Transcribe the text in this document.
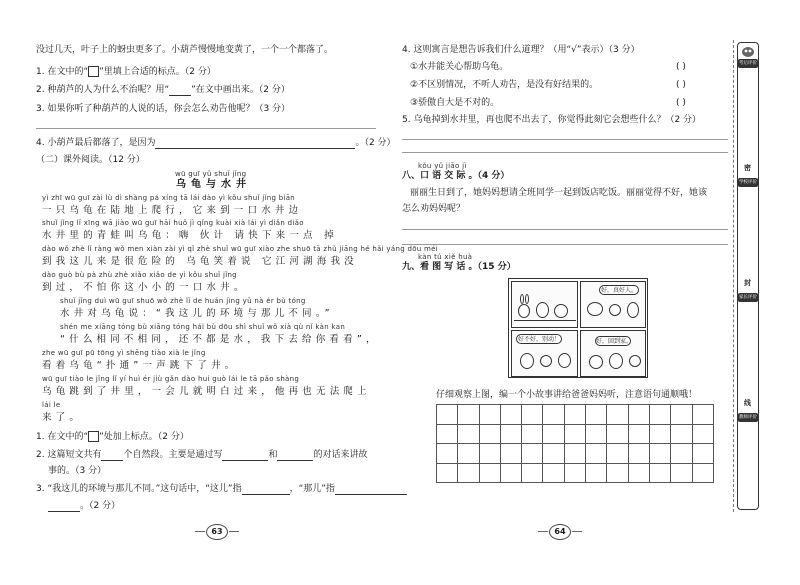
没过几天，叶子上的蚜虫更多了。小葫芦慢慢地变黄了，一个一个都落了。
1. 在文中的“ ”里填上合适的标点。（2 分）
2. 种葫芦的人为什么不治呢？用“ ”在文中画出来。（2 分）
3. 如果你听了种葫芦的人说的话，你会怎么劝告他呢？（3 分）
4. 小葫芦最后都落了，是因为	。（2 分）
（二）课外阅读。（12 分）
wū guī yǔ shuǐ jǐng
乌龟与水井
yì zhī wū guī zài lù dì shàng pá xíng tā lái dào yì kǒu shuǐ jǐng biān
一只乌龟在陆地上爬行，它来到一口水井边
shuǐ jǐng lǐ xīng wā jiào wū guī hāi huǒ jì qǐng kuài xià lái yì diǎn diǎo
水井里的青蛙叫乌龟：嗨 伙计 请快下来一点 掉
dào wǒ zhè lǐ ràng wǒ men xiàn zài yì qǐ zhè shuǐ wū guī xiào zhe shuō tā zhǔ jiāng hé hǎi yáng dōu méi
到我这儿来是很危险的 乌龟笑着说 它江河湖海我没
dào guò bù pà zhù zhè xiǎo xiǎo de yì kǒu shuǐ jǐng
到过，不怕你这小小的一口水井。
shuǐ jǐng duì wū guī shuō wǒ zhè lǐ de huán jìng yǔ nà ér bù tóng
水井对乌龟说：“我这儿的环境与那儿不同。”
shén me xiāng tóng bù xiāng tóng hái bù dōu shì shuǐ wǒ xià qù nǐ kàn kan
“什么相同不相同，还不都是水，我下去给你看看”，
zhe wū guī pū tōng yì shēng tiào xià le jǐng
看着乌龟“扑通”一声跳下了井。
wū guī tiào le jǐng lǐ yí huì ér jiù gǎn dào huí guò lái le tā pǎo shàng
乌龟跳到了井里，一会儿就明白过来，他再也无法爬上
lái le
来了。
1. 在文中的“ ”处加上标点。（2 分）
2. 这篇短文共有 个自然段。主要是通过写	和	的对话来讲故
事的。（3 分）
3. “我这儿的环境与那儿不同。”这句话中，“这儿”指	，“那儿”指
。（2 分）
63
4. 这则寓言是想告诉我们什么道理？（用“√”表示）（3 分）
①水井能关心帮助乌龟。	( )
②不区别情况，不听人劝告，是没有好结果的。	( )
③骄傲自大是不对的。	( )
5. 乌龟掉到水井里，再也爬不出去了，你觉得此刻它会想些什么？（2 分）
kǒu yǔ jiāo jì
八、口 语 交 际 。（4 分）
丽丽生日到了，她妈妈想请全班同学一起到饭店吃饭。丽丽觉得不好，她该
怎么劝妈妈呢？
kàn tú xiě huà
九、看 图 写 话 。（15 分）
好，真好人。
好不好，别动！	好，回到家。
仔细观察上图，编一个小故事讲给爸爸妈妈听，注意语句通顺哦！

64
考后评价
密
学校评价
封
家长评价
线
教师评价
